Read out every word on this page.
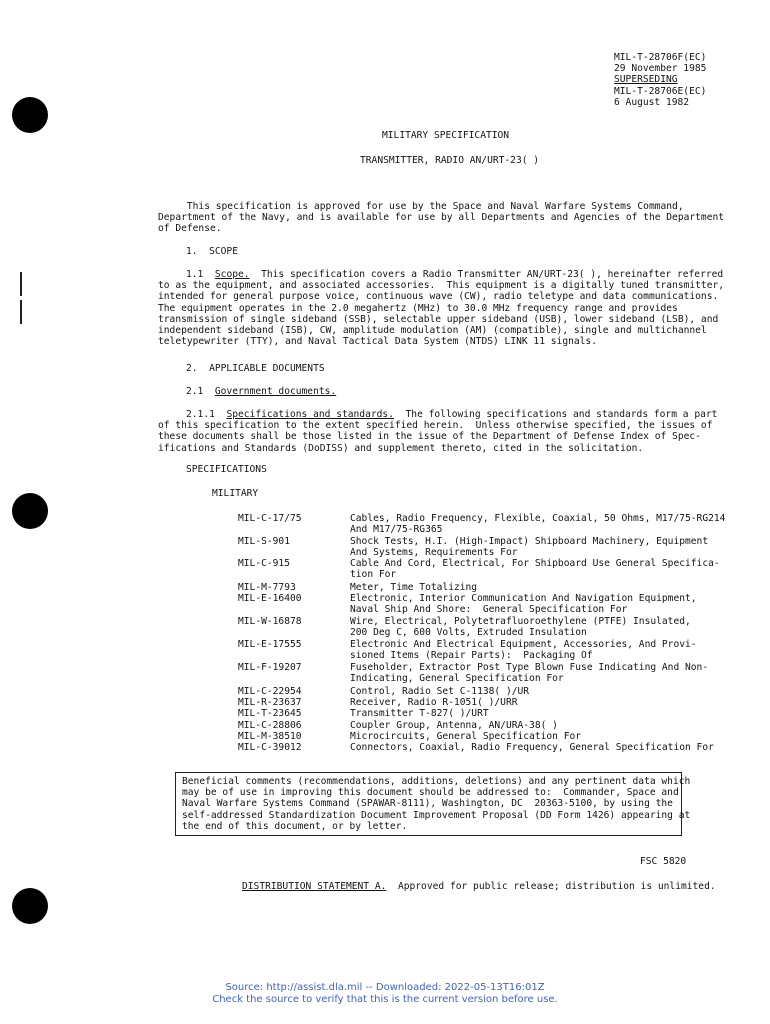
MIL-T-28706F(EC)
29 November 1985
SUPERSEDING
MIL-T-28706E(EC)
6 August 1982
MILITARY SPECIFICATION
TRANSMITTER, RADIO AN/URT-23( )
This specification is approved for use by the Space and Naval Warfare Systems Command,
Department of the Navy, and is available for use by all Departments and Agencies of the Department
of Defense.
1.  SCOPE
1.1 Scope.  This specification covers a Radio Transmitter AN/URT-23( ), hereinafter referred
to as the equipment, and associated accessories.  This equipment is a digitally tuned transmitter,
intended for general purpose voice, continuous wave (CW), radio teletype and data communications.
The equipment operates in the 2.0 megahertz (MHz) to 30.0 MHz frequency range and provides
transmission of single sideband (SSB), selectable upper sideband (USB), lower sideband (LSB), and
independent sideband (ISB), CW, amplitude modulation (AM) (compatible), single and multichannel
teletypewriter (TTY), and Naval Tactical Data System (NTDS) LINK 11 signals.
2.  APPLICABLE DOCUMENTS
2.1 Government documents.
2.1.1 Specifications and standards.  The following specifications and standards form a part
of this specification to the extent specified herein.  Unless otherwise specified, the issues of
these documents shall be those listed in the issue of the Department of Defense Index of Spec-
ifications and Standards (DoDISS) and supplement thereto, cited in the solicitation.
SPECIFICATIONS
MILITARY
MIL-C-17/75	Cables, Radio Frequency, Flexible, Coaxial, 50 Ohms, M17/75-RG214
And M17/75-RG365
MIL-S-901	Shock Tests, H.I. (High-Impact) Shipboard Machinery, Equipment
And Systems, Requirements For
MIL-C-915	Cable And Cord, Electrical, For Shipboard Use General Specifica-
tion For
MIL-M-7793	Meter, Time Totalizing
MIL-E-16400	Electronic, Interior Communication And Navigation Equipment,
Naval Ship And Shore:  General Specification For
MIL-W-16878	Wire, Electrical, Polytetrafluoroethylene (PTFE) Insulated,
200 Deg C, 600 Volts, Extruded Insulation
MIL-E-17555	Electronic And Electrical Equipment, Accessories, And Provi-
sioned Items (Repair Parts):  Packaging Of
MIL-F-19207	Fuseholder, Extractor Post Type Blown Fuse Indicating And Non-
Indicating, General Specification For
MIL-C-22954	Control, Radio Set C-1138( )/UR
MIL-R-23637	Receiver, Radio R-1051( )/URR
MIL-T-23645	Transmitter T-827( )/URT
MIL-C-28806	Coupler Group, Antenna, AN/URA-38( )
MIL-M-38510	Microcircuits, General Specification For
MIL-C-39012	Connectors, Coaxial, Radio Frequency, General Specification For
Beneficial comments (recommendations, additions, deletions) and any pertinent data which
may be of use in improving this document should be addressed to:  Commander, Space and
Naval Warfare Systems Command (SPAWAR-8111), Washington, DC  20363-5100, by using the
self-addressed Standardization Document Improvement Proposal (DD Form 1426) appearing at
the end of this document, or by letter.
FSC 5820
DISTRIBUTION STATEMENT A.  Approved for public release; distribution is unlimited.
Source: http://assist.dla.mil -- Downloaded: 2022-05-13T16:01Z
Check the source to verify that this is the current version before use.
